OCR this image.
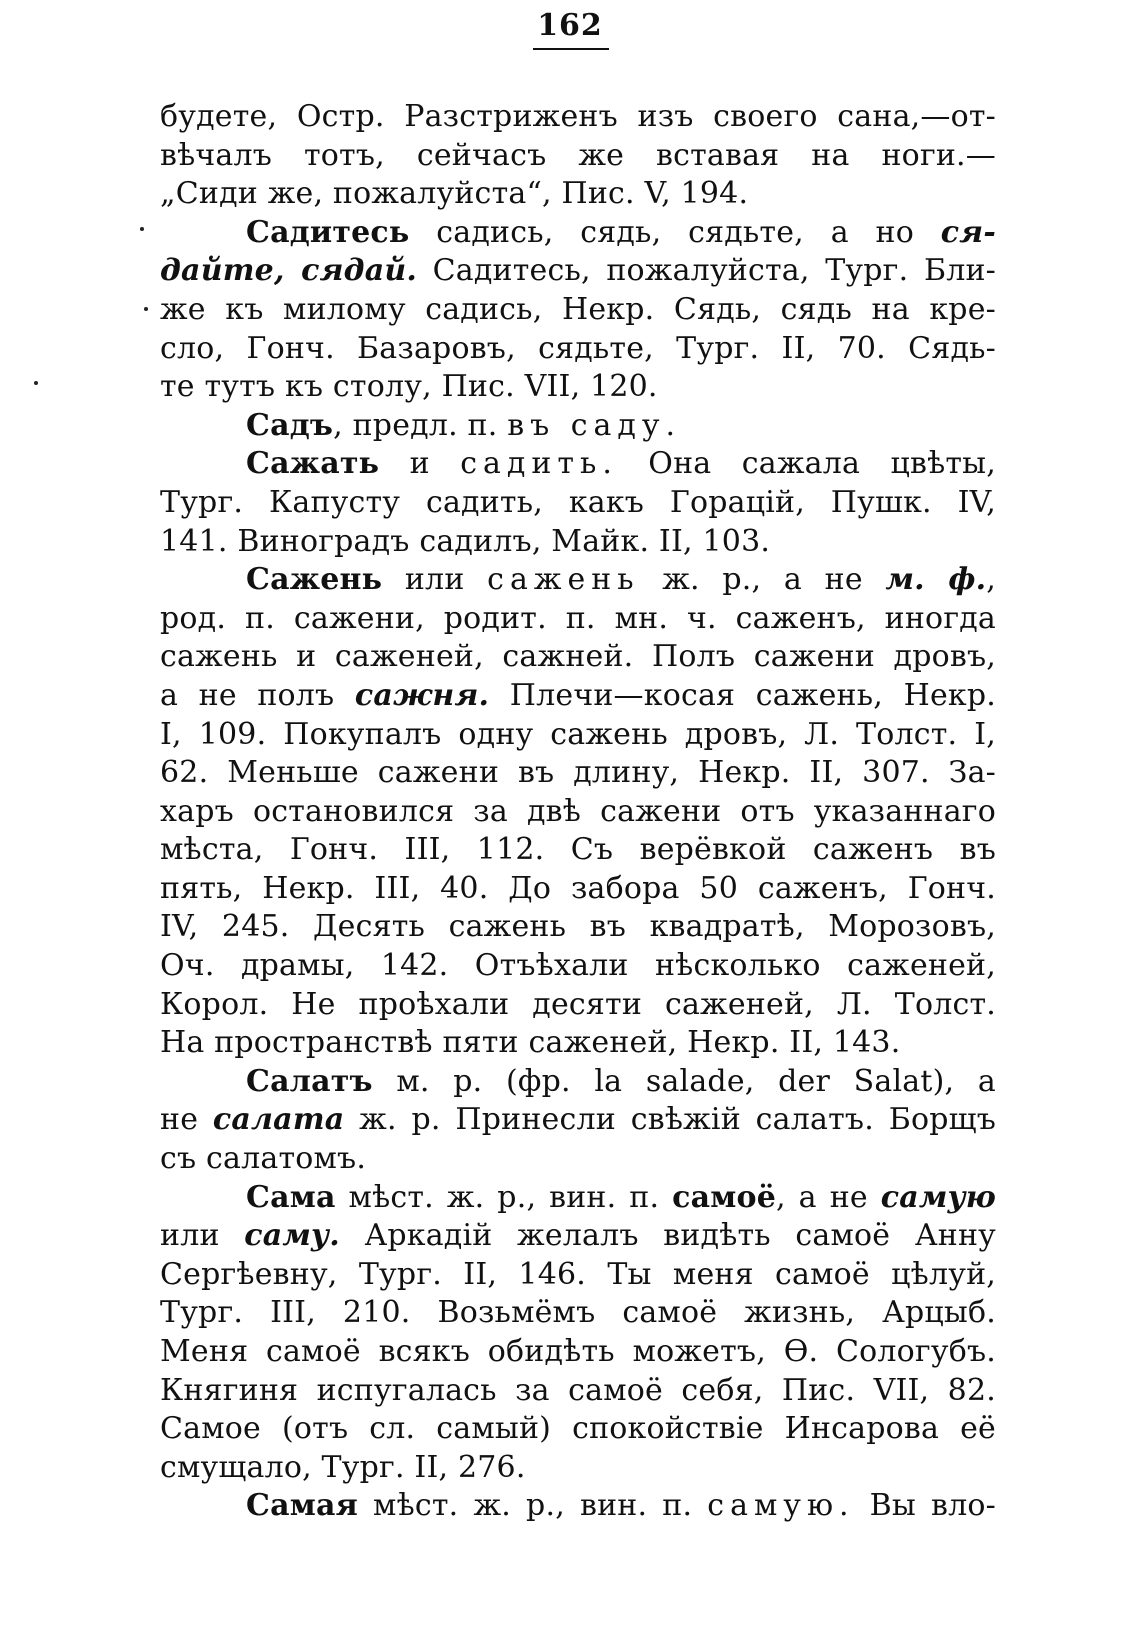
162
будете, Остр. Разстриженъ изъ своего сана,—от-
вѣчалъ тотъ, сейчасъ же вставая на ноги.—
„Сиди же, пожалуйста“, Пис. V, 194.
Садитесь садись, сядь, сядьте, а но ся-
дайте, сядай. Садитесь, пожалуйста, Тург. Бли-
же къ милому садись, Некр. Сядь, сядь на кре-
сло, Гонч. Базаровъ, сядьте, Тург. II, 70. Сядь-
те тутъ къ столу, Пис. VII, 120.
Садъ, предл. п. въ саду.
Сажать и садить. Она сажала цвѣты,
Тург. Капусту садить, какъ Горацій, Пушк. IV,
141. Виноградъ садилъ, Майк. II, 103.
Сажень или сажень ж. р., а не м. ф.,
род. п. сажени, родит. п. мн. ч. саженъ, иногда
сажень и саженей, сажней. Полъ сажени дровъ,
а не полъ сажня. Плечи—косая сажень, Некр.
I, 109. Покупалъ одну сажень дровъ, Л. Толст. I,
62. Меньше сажени въ длину, Некр. II, 307. За-
харъ остановился за двѣ сажени отъ указаннаго
мѣста, Гонч. III, 112. Съ верёвкой саженъ въ
пять, Некр. III, 40. До забора 50 саженъ, Гонч.
IV, 245. Десять сажень въ квадратѣ, Морозовъ,
Оч. драмы, 142. Отъѣхали нѣсколько саженей,
Корол. Не проѣхали десяти саженей, Л. Толст.
На пространствѣ пяти саженей, Некр. II, 143.
Салатъ м. р. (фр. la salade, der Salat), а
не салата ж. р. Принесли свѣжій салатъ. Борщъ
съ салатомъ.
Сама мѣст. ж. р., вин. п. самоё, а не самую
или саму. Аркадій желалъ видѣть самоё Анну
Сергѣевну, Тург. II, 146. Ты меня самоё цѣлуй,
Тург. III, 210. Возьмёмъ самоё жизнь, Арцыб.
Меня самоё всякъ обидѣть можетъ, Ѳ. Сологубъ.
Княгиня испугалась за самоё себя, Пис. VII, 82.
Самое (отъ сл. самый) спокойствіе Инсарова её
смущало, Тург. II, 276.
Самая мѣст. ж. р., вин. п. самую. Вы вло-
